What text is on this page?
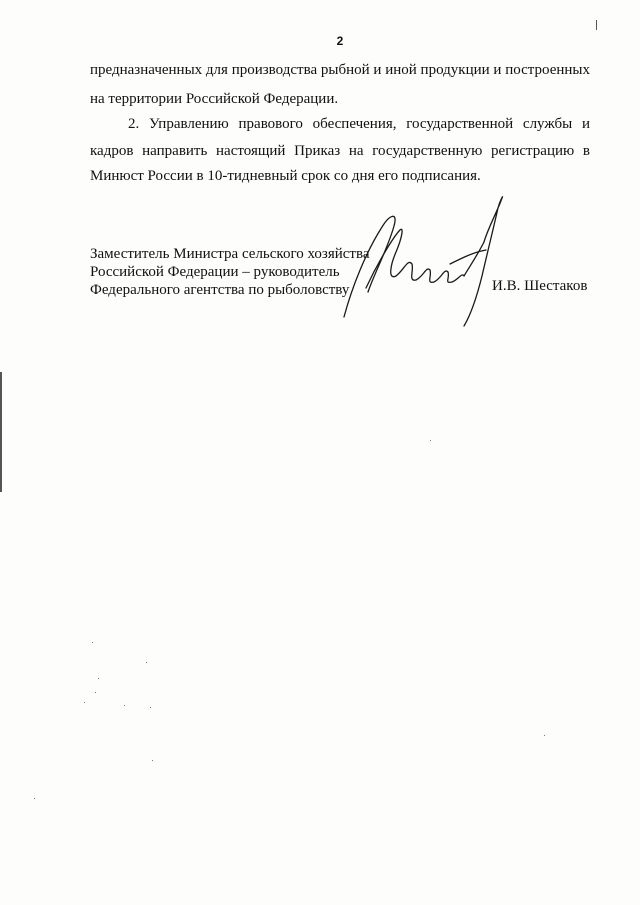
2
предназначенных для производства рыбной и иной продукции и построенных
на территории Российской Федерации.
2. Управлению правового обеспечения, государственной службы и
кадров направить настоящий Приказ на государственную регистрацию в
Минюст России в 10-тидневный срок со дня его подписания.
Заместитель Министра сельского хозяйства
Российской Федерации – руководитель
Федерального агентства по рыболовству	И.В. Шестаков
